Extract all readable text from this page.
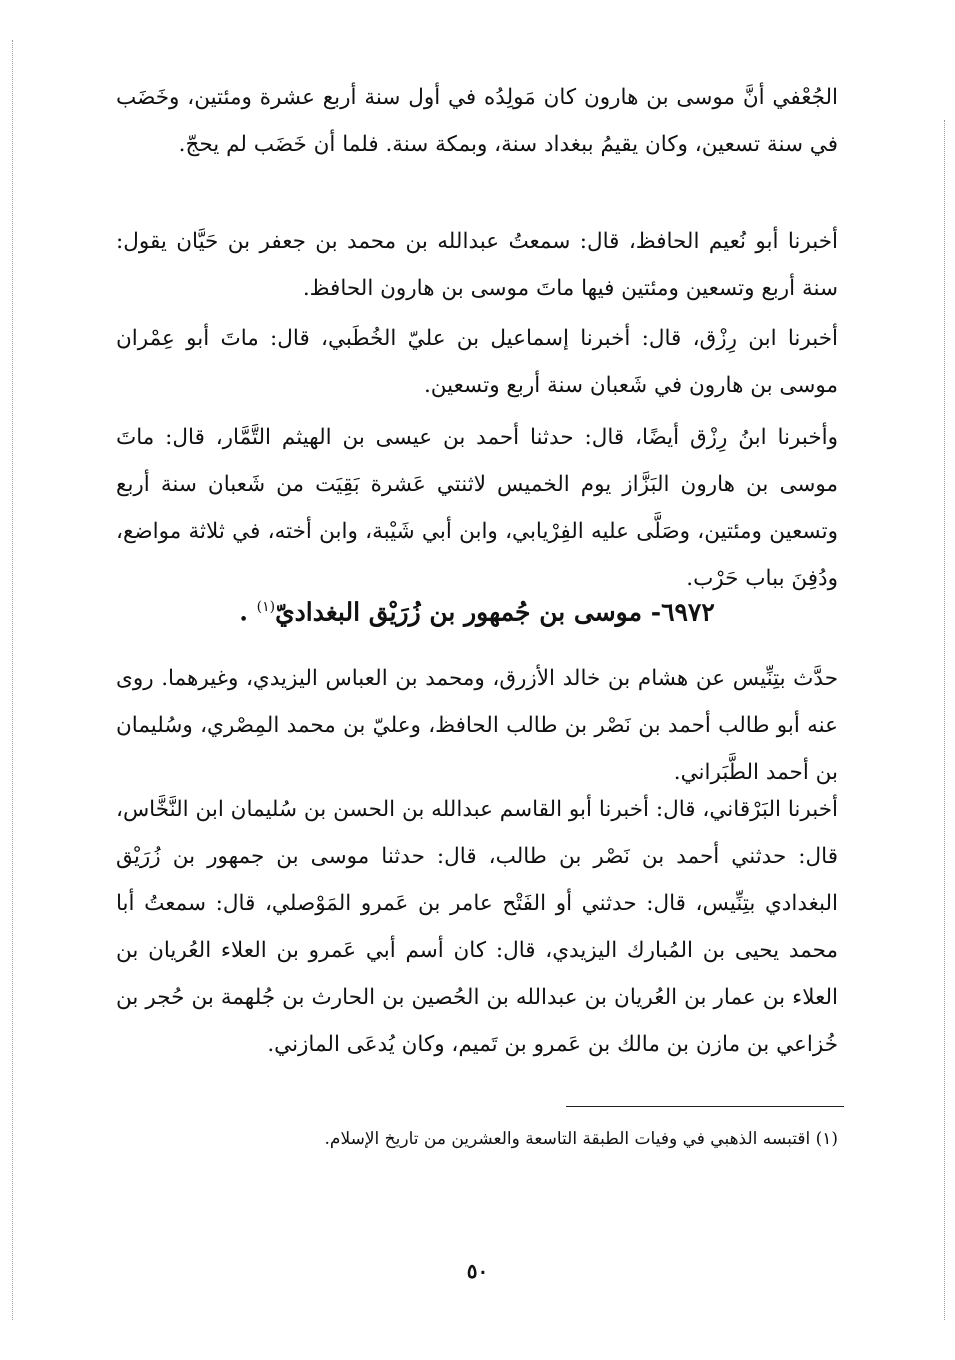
الجُعْفي أنَّ موسى بن هارون كان مَولِدُه في أول سنة أربع عشرة ومئتين، وخَضَب في سنة تسعين، وكان يقيمُ ببغداد سنة، وبمكة سنة. فلما أن خَضَب لم يحجّ.

أخبرنا أبو نُعيم الحافظ، قال: سمعتُ عبدالله بن محمد بن جعفر بن حَيَّان يقول: سنة أربع وتسعين ومئتين فيها ماتَ موسى بن هارون الحافظ.

أخبرنا ابن رِزْق، قال: أخبرنا إسماعيل بن عليّ الخُطَبي، قال: ماتَ أبو عِمْران موسى بن هارون في شَعبان سنة أربع وتسعين.

وأخبرنا ابنُ رِزْق أيضًا، قال: حدثنا أحمد بن عيسى بن الهيثم التَّمَّار، قال: ماتَ موسى بن هارون البَزَّاز يوم الخميس لاثنتي عَشرة بَقِيَت من شَعبان سنة أربع وتسعين ومئتين، وصَلَّى عليه الفِرْيابي، وابن أبي شَيْبة، وابن أخته، في ثلاثة مواضع، ودُفِنَ بباب حَرْب.

٦٩٧٢- موسى بن جُمهور بن زُرَيْق البغداديّ$^{(١)}$ .

حدَّث بتِنِّيس عن هشام بن خالد الأزرق، ومحمد بن العباس اليزيدي، وغيرهما. روى عنه أبو طالب أحمد بن نَصْر بن طالب الحافظ، وعليّ بن محمد المِصْري، وسُليمان بن أحمد الطَّبَراني.

أخبرنا البَرْقاني، قال: أخبرنا أبو القاسم عبدالله بن الحسن بن سُليمان ابن النَّخَّاس، قال: حدثني أحمد بن نَصْر بن طالب، قال: حدثنا موسى بن جمهور بن زُرَيْق البغدادي بتِنِّيس، قال: حدثني أو الفَتْح عامر بن عَمرو المَوْصلي، قال: سمعتُ أبا محمد يحيى بن المُبارك اليزيدي، قال: كان أسم أبي عَمرو بن العلاء العُريان بن العلاء بن عمار بن العُريان بن عبدالله بن الحُصين بن الحارث بن جُلهمة بن حُجر بن خُزاعي بن مازن بن مالك بن عَمرو بن تَميم، وكان يُدعَى المازني.

(١) اقتبسه الذهبي في وفيات الطبقة التاسعة والعشرين من تاريخ الإسلام.

٥٠
